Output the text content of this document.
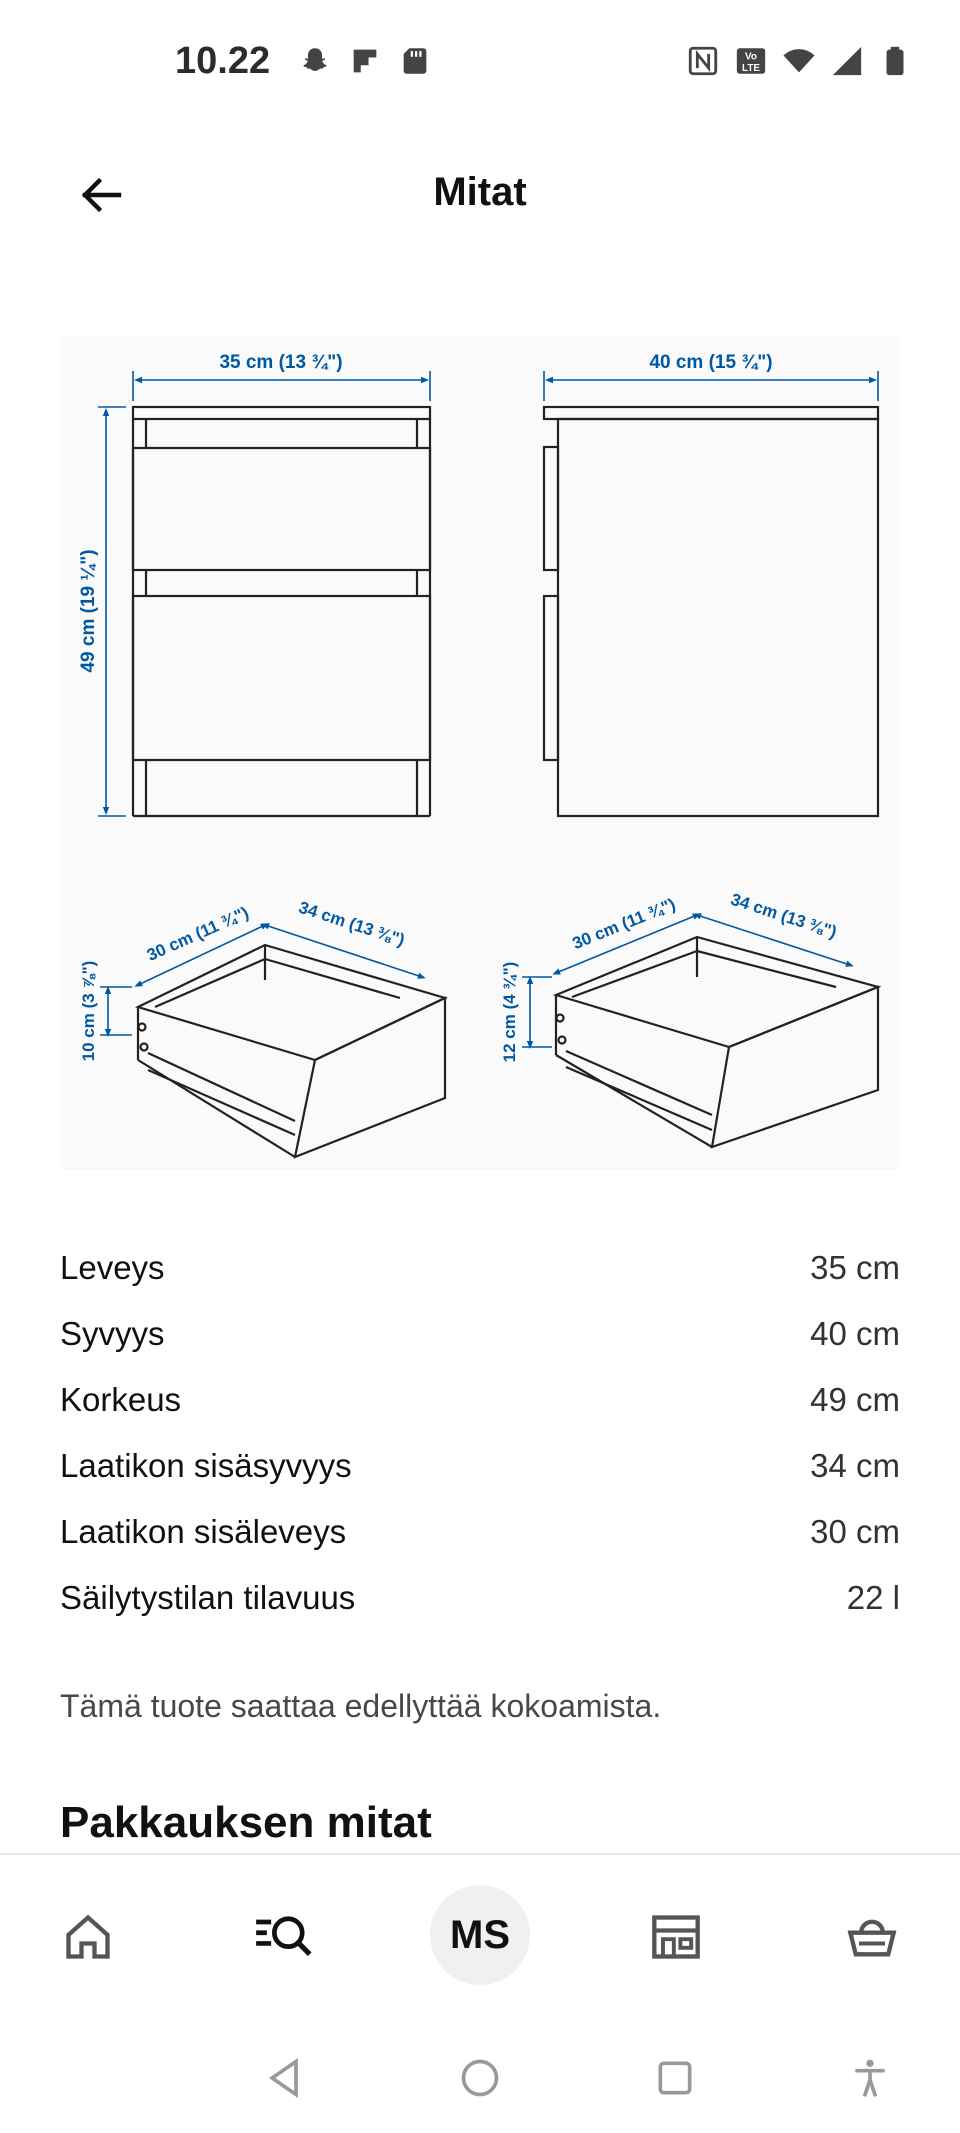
10.22	Vo
LTE
Mitat
35 cm (13 ¾")	40 cm (15 ¾")
49 cm (19 ¼")
30 cm (11 ¾")	34 cm (13 ⅜")
10 cm (3 ⅞")
30 cm (11 ¾")	34 cm (13 ⅜")
12 cm (4 ¾")
Leveys	35 cm
Syvyys	40 cm
Korkeus	49 cm
Laatikon sisäsyvyys	34 cm
Laatikon sisäleveys	30 cm
Säilytystilan tilavuus	22 l
Tämä tuote saattaa edellyttää kokoamista.
Pakkauksen mitat
MS
